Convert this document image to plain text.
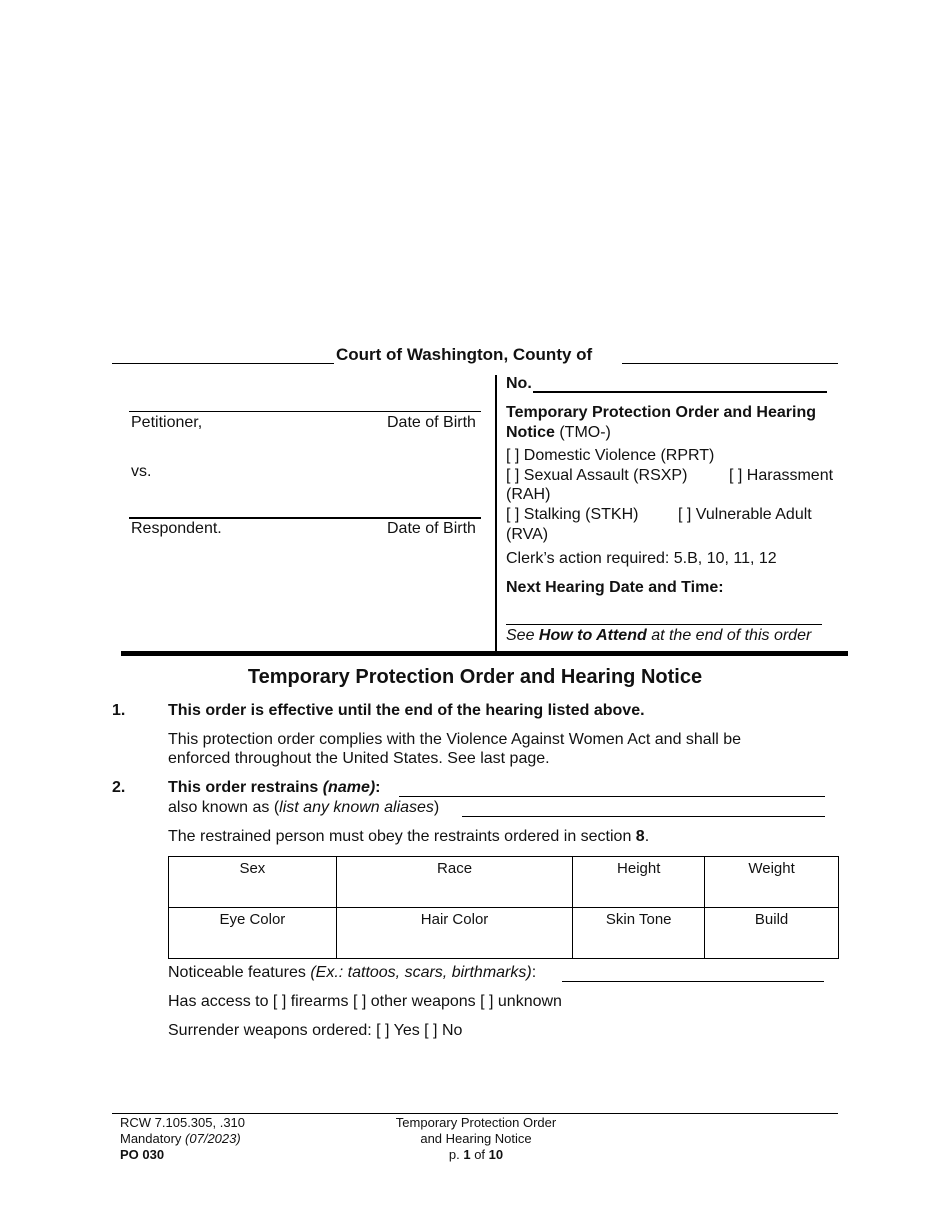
Court of Washington, County of
Petitioner,	Date of Birth
vs.
Respondent.	Date of Birth
No.
Temporary Protection Order and Hearing
Notice (TMO-)
[ ] Domestic Violence (RPRT)
[ ] Sexual Assault (RSXP)	[ ] Harassment
(RAH)
[ ] Stalking (STKH) [ ] Vulnerable Adult
(RVA)
Clerk’s action required: 5.B, 10, 11, 12
Next Hearing Date and Time:
See How to Attend at the end of this order
Temporary Protection Order and Hearing Notice
1.	This order is effective until the end of the hearing listed above.
This protection order complies with the Violence Against Women Act and shall be
enforced throughout the United States. See last page.
2.	This order restrains (name):
also known as (list any known aliases)
The restrained person must obey the restraints ordered in section 8.
Sex	Race	Height	Weight
Eye Color	Hair Color	Skin Tone	Build
Noticeable features (Ex.: tattoos, scars, birthmarks):
Has access to [ ] firearms [ ] other weapons [ ] unknown
Surrender weapons ordered: [ ] Yes [ ] No
RCW 7.105.305, .310
Mandatory (07/2023)
PO 030
Temporary Protection Order
and Hearing Notice
p. 1 of 10
